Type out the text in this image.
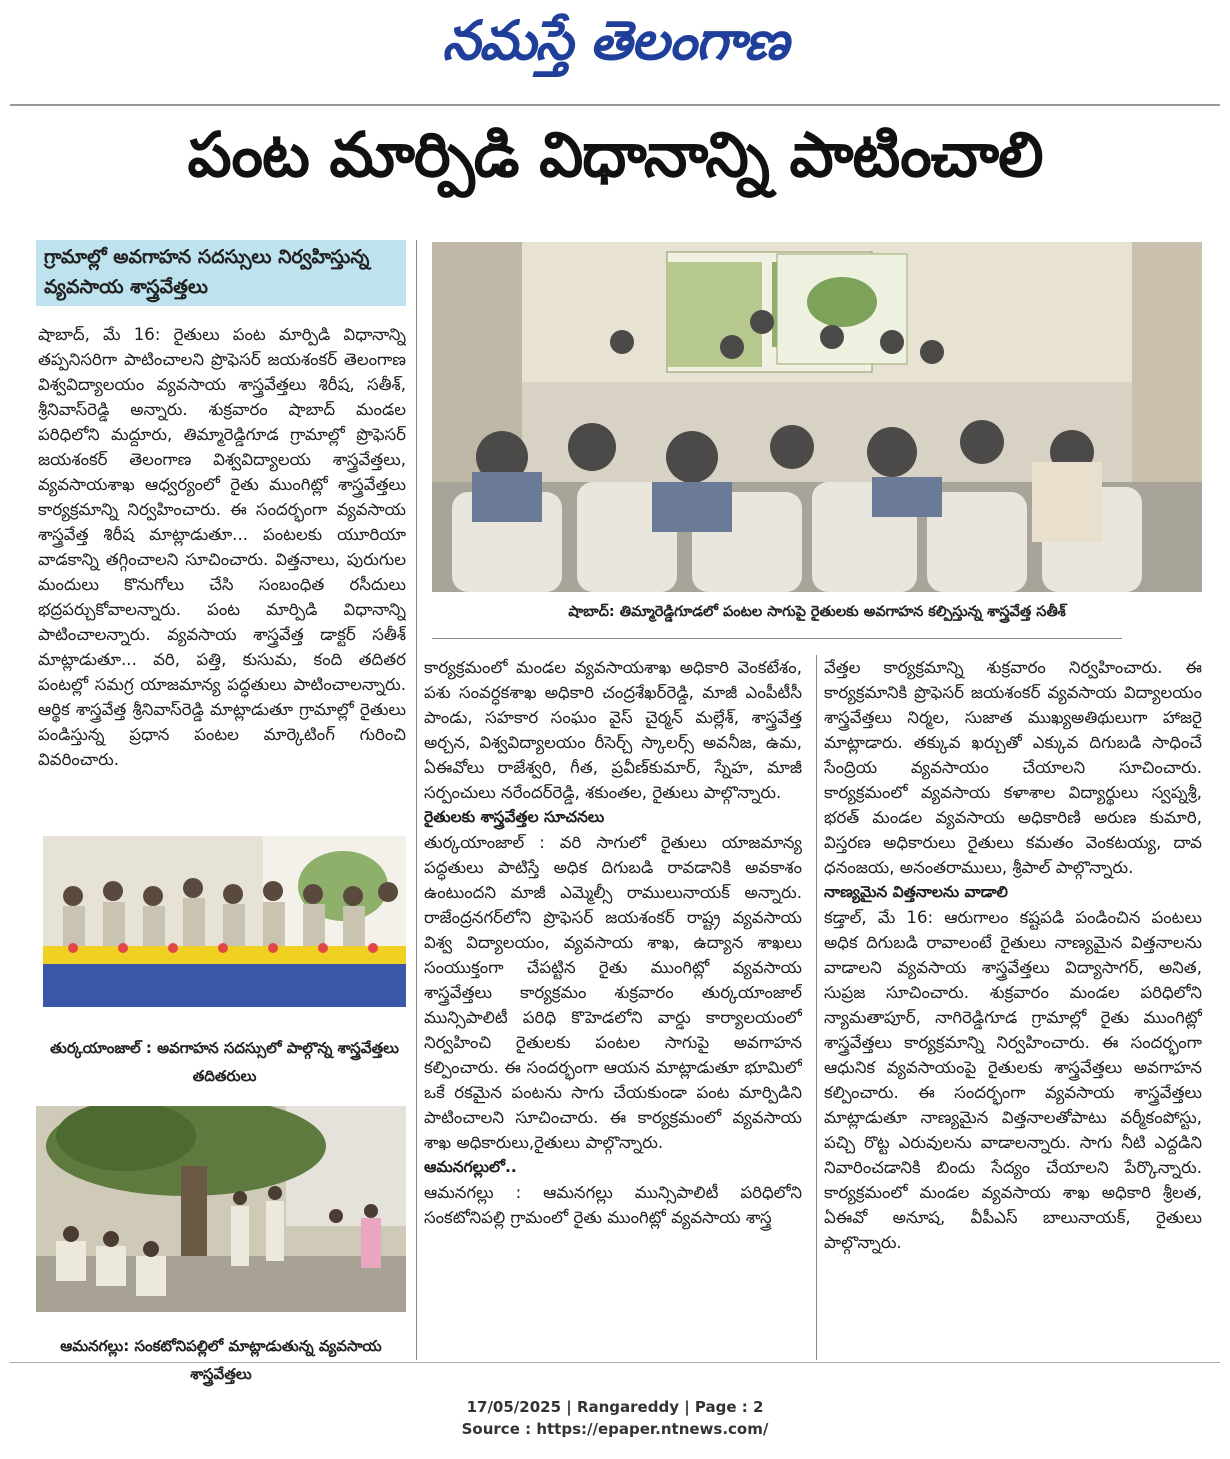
నమస్తే తెలంగాణ
పంట మార్పిడి విధానాన్ని పాటించాలి
గ్రామాల్లో అవగాహన సదస్సులు నిర్వహిస్తున్న వ్యవసాయ శాస్త్రవేత్తలు

షాబాద్, మే 16: రైతులు పంట మార్పిడి విధానాన్ని తప్పనిసరిగా పాటించాలని ప్రొఫెసర్ జయశంకర్ తెలంగాణ విశ్వవిద్యాలయం వ్యవసాయ శాస్త్రవేత్తలు శిరీష, సతీశ్, శ్రీనివాస్‌రెడ్డి అన్నారు. శుక్రవారం షాబాద్ మండల పరిధిలోని మద్దూరు, తిమ్మారెడ్డిగూడ గ్రామాల్లో ప్రొఫెసర్ జయశంకర్ తెలంగాణ విశ్వవిద్యాలయ శాస్త్రవేత్తలు, వ్యవసాయశాఖ ఆధ్వర్యంలో రైతు ముంగిట్లో శాస్త్రవేత్తలు కార్యక్రమాన్ని నిర్వహించారు. ఈ సందర్భంగా వ్యవసాయ శాస్త్రవేత్త శిరీష మాట్లాడుతూ... పంటలకు యూరియా వాడకాన్ని తగ్గించాలని సూచించారు. విత్తనాలు, పురుగుల మందులు కొనుగోలు చేసి సంబంధిత రసీదులు భద్రపర్చుకోవాలన్నారు. పంట మార్పిడి విధానాన్ని పాటించాలన్నారు. వ్యవసాయ శాస్త్రవేత్త డాక్టర్ సతీశ్ మాట్లాడుతూ... వరి, పత్తి, కుసుమ, కంది తదితర పంటల్లో సమగ్ర యాజమాన్య పద్ధతులు పాటించాలన్నారు. ఆర్థిక శాస్త్రవేత్త శ్రీనివాస్‌రెడ్డి మాట్లాడుతూ గ్రామాల్లో రైతులు పండిస్తున్న ప్రధాన పంటల మార్కెటింగ్ గురించి వివరించారు.

షాబాద్: తిమ్మారెడ్డిగూడలో పంటల సాగుపై రైతులకు అవగాహన కల్పిస్తున్న శాస్త్రవేత్త సతీశ్
తుర్కయాంజాల్ : అవగాహన సదస్సులో పాల్గొన్న శాస్త్రవేత్తలు తదితరులు
ఆమనగల్లు: సంకటోనిపల్లిలో మాట్లాడుతున్న వ్యవసాయ శాస్త్రవేత్తలు

కార్యక్రమంలో మండల వ్యవసాయశాఖ అధికారి వెంకటేశం, పశు సంవర్ధకశాఖ అధికారి చంద్రశేఖర్‌రెడ్డి, మాజీ ఎంపీటీసీ పాండు, సహకార సంఘం వైస్ చైర్మన్ మల్లేశ్, శాస్త్రవేత్త అర్చన, విశ్వవిద్యాలయం రీసెర్చ్ స్కాలర్స్ అవనీజ, ఉమ, ఏఈవోలు రాజేశ్వరి, గీత, ప్రవీణ్‌కుమార్, స్నేహ, మాజీ సర్పంచులు నరేందర్‌రెడ్డి, శకుంతల, రైతులు పాల్గొన్నారు.

రైతులకు శాస్త్రవేత్తల సూచనలు

తుర్కయాంజాల్ : వరి సాగులో రైతులు యాజమాన్య పద్ధతులు పాటిస్తే అధిక దిగుబడి రావడానికి అవకాశం ఉంటుందని మాజీ ఎమ్మెల్సీ రాములునాయక్ అన్నారు. రాజేంద్రనగర్‌లోని ప్రొఫెసర్ జయశంకర్ రాష్ట్ర వ్యవసాయ విశ్వ విద్యాలయం, వ్యవసాయ శాఖ, ఉద్యాన శాఖలు సంయుక్తంగా చేపట్టిన రైతు ముంగిట్లో వ్యవసాయ శాస్త్రవేత్తలు కార్యక్రమం శుక్రవారం తుర్కయాంజాల్ మున్సిపాలిటీ పరిధి కొహెడలోని వార్డు కార్యాలయంలో నిర్వహించి రైతులకు పంటల సాగుపై అవగాహన కల్పించారు. ఈ సందర్భంగా ఆయన మాట్లాడుతూ భూమిలో ఒకే రకమైన పంటను సాగు చేయకుండా పంట మార్పిడిని పాటించాలని సూచించారు. ఈ కార్యక్రమంలో వ్యవసాయ శాఖ అధికారులు,రైతులు పాల్గొన్నారు.

ఆమనగల్లులో..

ఆమనగల్లు : ఆమనగల్లు మున్సిపాలిటీ పరిధిలోని సంకటోనిపల్లి గ్రామంలో రైతు ముంగిట్లో వ్యవసాయ శాస్త్ర

వేత్తల కార్యక్రమాన్ని శుక్రవారం నిర్వహించారు. ఈ కార్యక్రమానికి ప్రొఫెసర్ జయశంకర్ వ్యవసాయ విద్యాలయం శాస్త్రవేత్తలు నిర్మల, సుజాత ముఖ్యఅతిథులుగా హాజరై మాట్లాడారు. తక్కువ ఖర్చుతో ఎక్కువ దిగుబడి సాధించే సేంద్రియ వ్యవసాయం చేయాలని సూచించారు. కార్యక్రమంలో వ్యవసాయ కళాశాల విద్యార్థులు స్వప్నశ్రీ, భరత్ మండల వ్యవసాయ అధికారిణి అరుణ కుమారి, విస్తరణ అధికారులు రైతులు కమతం వెంకటయ్య, దావ ధనంజయ, అనంతరాములు, శ్రీపాల్ పాల్గొన్నారు.

నాణ్యమైన విత్తనాలను వాడాలి

కడ్తాల్, మే 16: ఆరుగాలం కష్టపడి పండించిన పంటలు అధిక దిగుబడి రావాలంటే రైతులు నాణ్యమైన విత్తనాలను వాడాలని వ్యవసాయ శాస్త్రవేత్తలు విద్యాసాగర్, అనిత, సుప్రజ సూచించారు. శుక్రవారం మండల పరిధిలోని న్యామతాపూర్, నాగిరెడ్డిగూడ గ్రామాల్లో రైతు ముంగిట్లో శాస్త్రవేత్తలు కార్యక్రమాన్ని నిర్వహించారు. ఈ సందర్భంగా ఆధునిక వ్యవసాయంపై రైతులకు శాస్త్రవేత్తలు అవగాహన కల్పించారు. ఈ సందర్భంగా వ్యవసాయ శాస్త్రవేత్తలు మాట్లాడుతూ నాణ్యమైన విత్తనాలతోపాటు వర్మీకంపోస్టు, పచ్చి రొట్ట ఎరువులను వాడాలన్నారు. సాగు నీటి ఎద్దడిని నివారించడానికి బిందు సేద్యం చేయాలని పేర్కొన్నారు. కార్యక్రమంలో మండల వ్యవసాయ శాఖ అధికారి శ్రీలత, ఏఈవో అనూష, వీపీఎస్ బాలునాయక్, రైతులు పాల్గొన్నారు.

17/05/2025 | Rangareddy | Page : 2
Source : https://epaper.ntnews.com/
